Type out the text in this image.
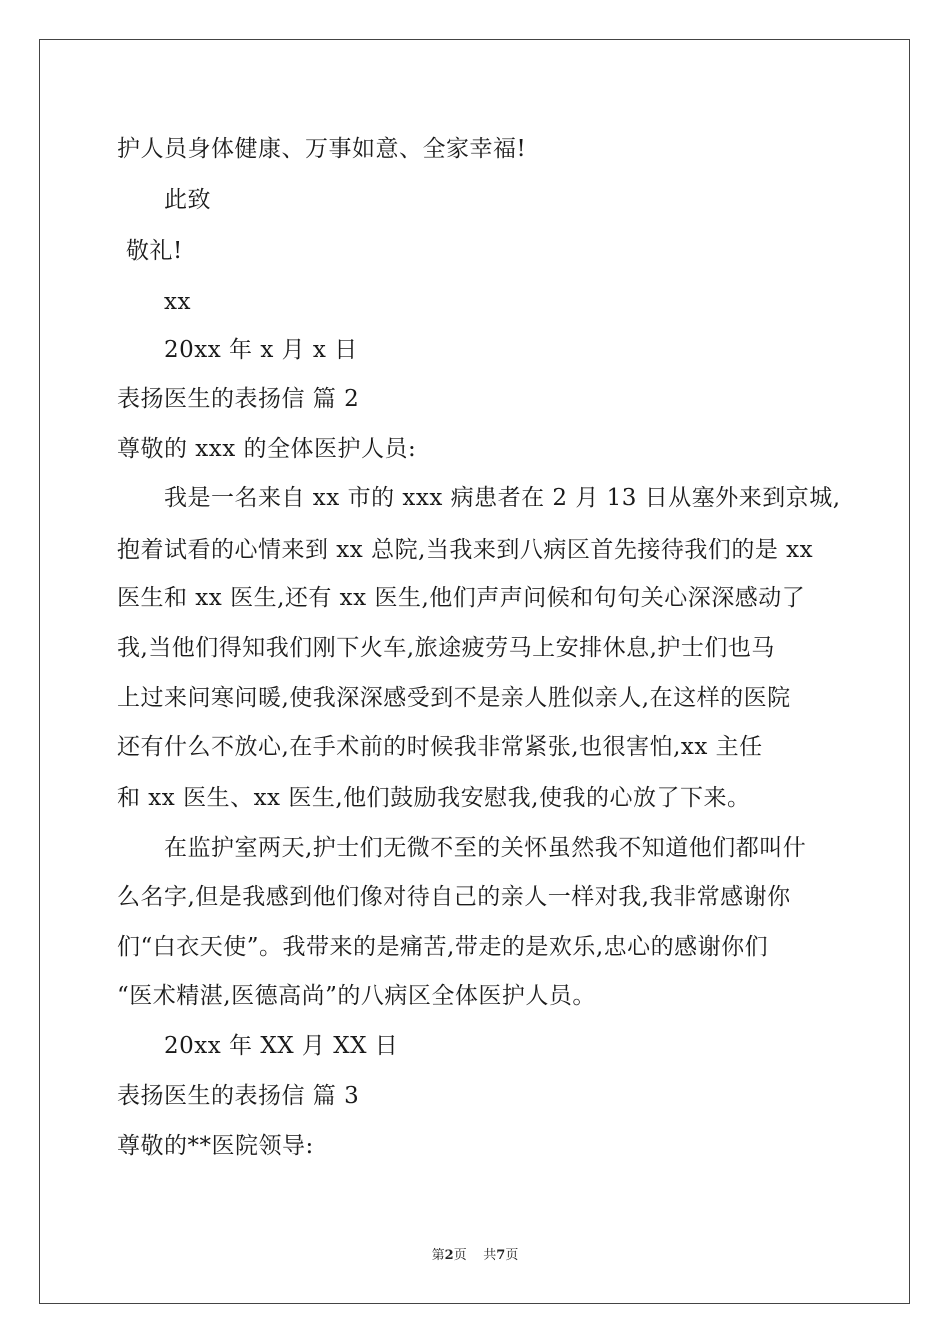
护人员身体健康、万事如意、全家幸福!
此致
敬礼!
xx
20xx 年 x 月 x 日
表扬医生的表扬信 篇 2
尊敬的 xxx 的全体医护人员:
我是一名来自 xx 市的 xxx 病患者在 2 月 13 日从塞外来到京城,
抱着试看的心情来到 xx 总院,当我来到八病区首先接待我们的是 xx
医生和 xx 医生,还有 xx 医生,他们声声问候和句句关心深深感动了
我,当他们得知我们刚下火车,旅途疲劳马上安排休息,护士们也马
上过来问寒问暖,使我深深感受到不是亲人胜似亲人,在这样的医院
还有什么不放心,在手术前的时候我非常紧张,也很害怕,xx 主任
和 xx 医生、xx 医生,他们鼓励我安慰我,使我的心放了下来。
在监护室两天,护士们无微不至的关怀虽然我不知道他们都叫什
么名字,但是我感到他们像对待自己的亲人一样对我,我非常感谢你
们“白衣天使”。我带来的是痛苦,带走的是欢乐,忠心的感谢你们
“医术精湛,医德高尚”的八病区全体医护人员。
20xx 年 XX 月 XX 日
表扬医生的表扬信 篇 3
尊敬的**医院领导:
第2页 共7页
